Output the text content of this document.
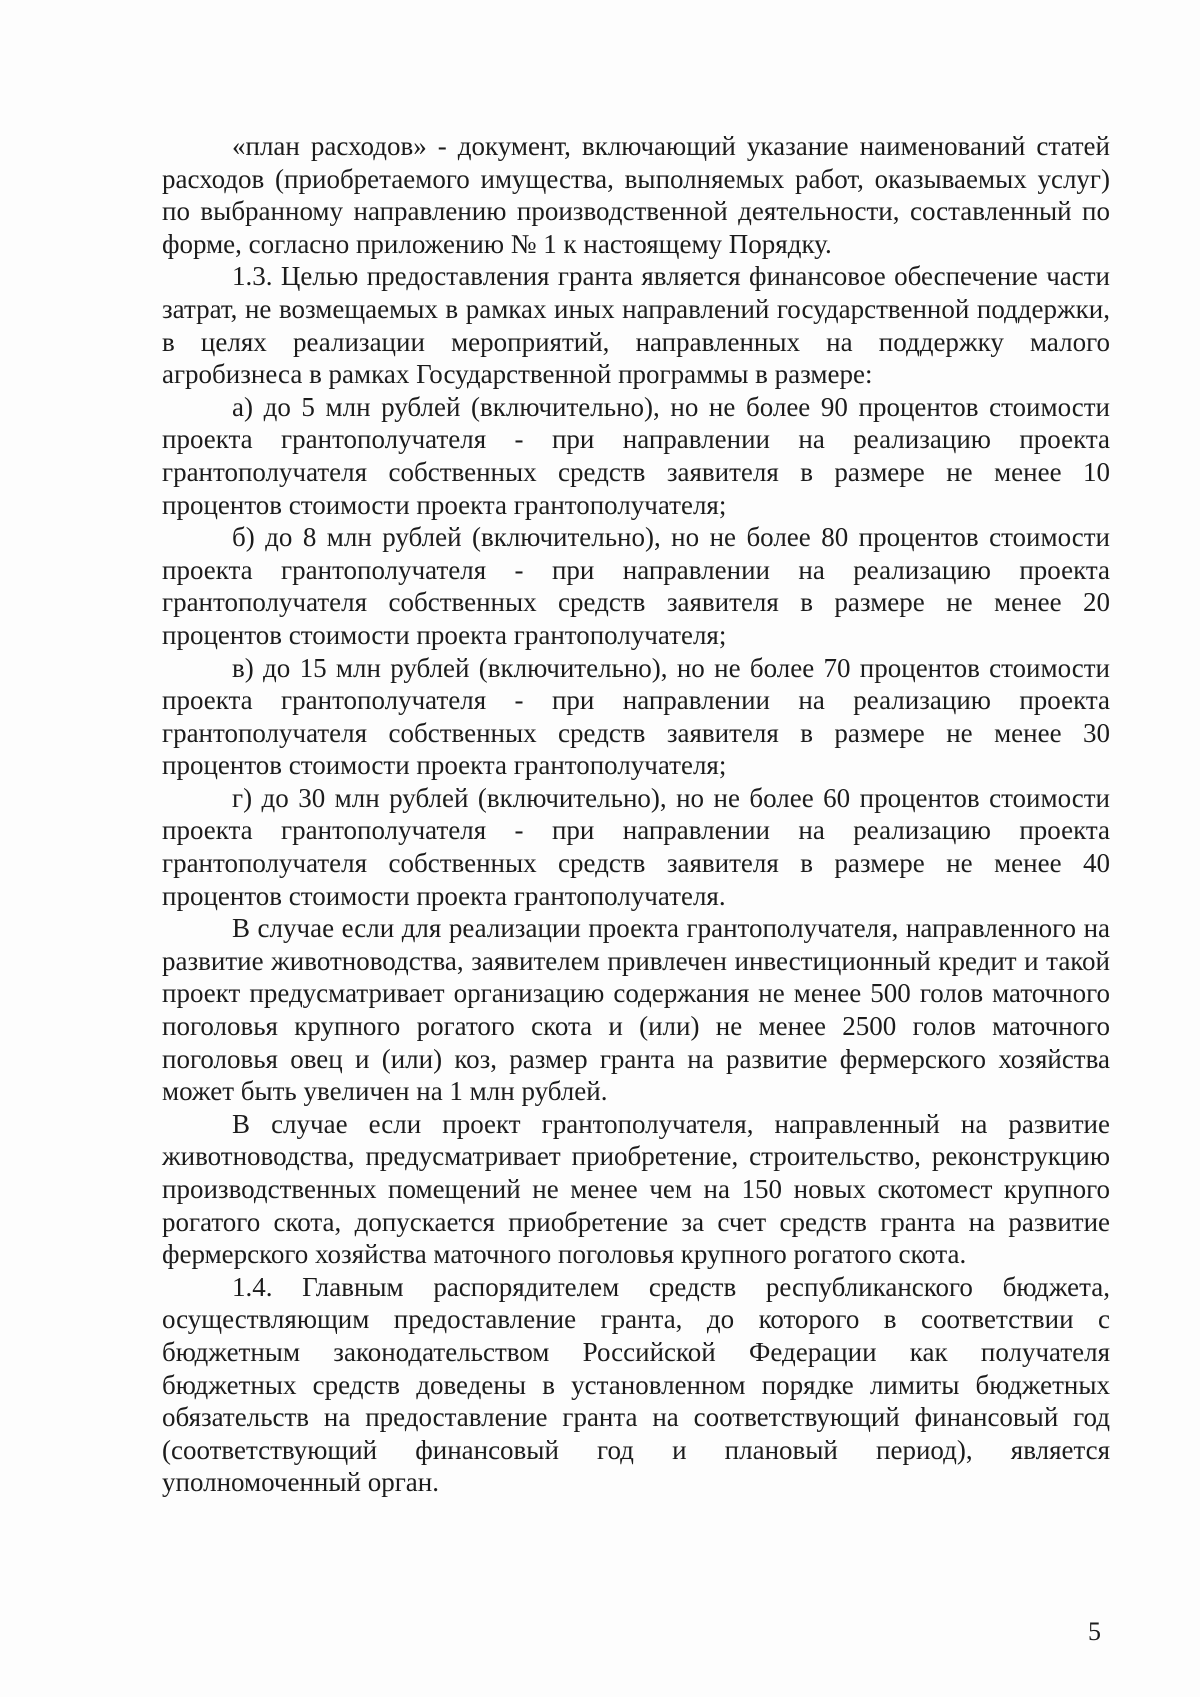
«план расходов» - документ, включающий указание наименований статей расходов (приобретаемого имущества, выполняемых работ, оказываемых услуг) по выбранному направлению производственной деятельности, составленный по форме, согласно приложению № 1 к настоящему Порядку.

1.3. Целью предоставления гранта является финансовое обеспечение части затрат, не возмещаемых в рамках иных направлений государственной поддержки, в целях реализации мероприятий, направленных на поддержку малого агробизнеса в рамках Государственной программы в размере:

а) до 5 млн рублей (включительно), но не более 90 процентов стоимости проекта грантополучателя - при направлении на реализацию проекта грантополучателя собственных средств заявителя в размере не менее 10 процентов стоимости проекта грантополучателя;

б) до 8 млн рублей (включительно), но не более 80 процентов стоимости проекта грантополучателя - при направлении на реализацию проекта грантополучателя собственных средств заявителя в размере не менее 20 процентов стоимости проекта грантополучателя;

в) до 15 млн рублей (включительно), но не более 70 процентов стоимости проекта грантополучателя - при направлении на реализацию проекта грантополучателя собственных средств заявителя в размере не менее 30 процентов стоимости проекта грантополучателя;

г) до 30 млн рублей (включительно), но не более 60 процентов стоимости проекта грантополучателя - при направлении на реализацию проекта грантополучателя собственных средств заявителя в размере не менее 40 процентов стоимости проекта грантополучателя.

В случае если для реализации проекта грантополучателя, направленного на развитие животноводства, заявителем привлечен инвестиционный кредит и такой проект предусматривает организацию содержания не менее 500 голов маточного поголовья крупного рогатого скота и (или) не менее 2500 голов маточного поголовья овец и (или) коз, размер гранта на развитие фермерского хозяйства может быть увеличен на 1 млн рублей.

В случае если проект грантополучателя, направленный на развитие животноводства, предусматривает приобретение, строительство, реконструкцию производственных помещений не менее чем на 150 новых скотомест крупного рогатого скота, допускается приобретение за счет средств гранта на развитие фермерского хозяйства маточного поголовья крупного рогатого скота.

1.4. Главным распорядителем средств республиканского бюджета, осуществляющим предоставление гранта, до которого в соответствии с бюджетным законодательством Российской Федерации как получателя бюджетных средств доведены в установленном порядке лимиты бюджетных обязательств на предоставление гранта на соответствующий финансовый год (соответствующий финансовый год и плановый период), является уполномоченный орган.

5
